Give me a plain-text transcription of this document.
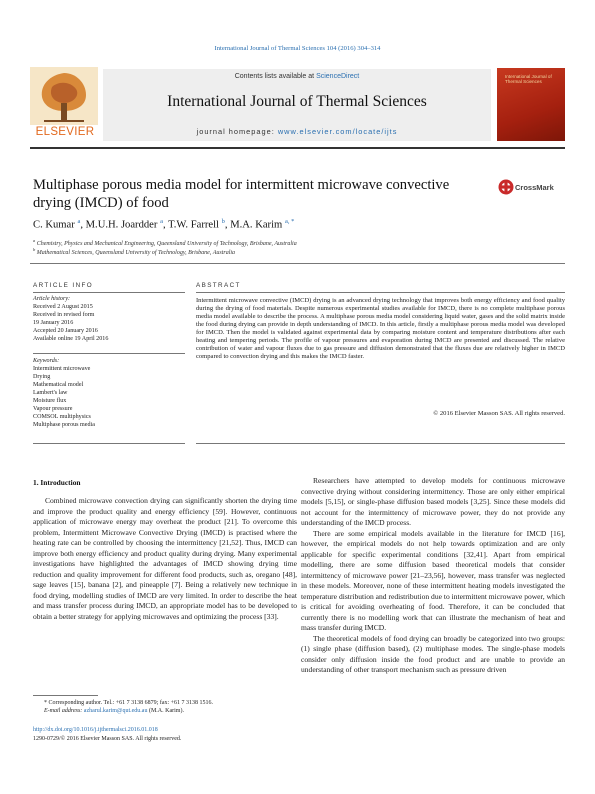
International Journal of Thermal Sciences 104 (2016) 304–314
ELSEVIER
Contents lists available at ScienceDirect
International Journal of Thermal Sciences
journal homepage: www.elsevier.com/locate/ijts
International Journal of Thermal Sciences
Multiphase porous media model for intermittent microwave convective drying (IMCD) of food
CrossMark
C. Kumar $^a$, M.U.H. Joardder $^a$, T.W. Farrell $^b$, M.A. Karim $^{a, *}$
$^a$ Chemistry, Physics and Mechanical Engineering, Queensland University of Technology, Brisbane, Australia
$^b$ Mathematical Sciences, Queensland University of Technology, Brisbane, Australia
ARTICLE INFO	ABSTRACT
Article history:
Received 2 August 2015
Received in revised form
19 January 2016
Accepted 20 January 2016
Available online 19 April 2016
Keywords:
Intermittent microwave
Drying
Mathematical model
Lambert's law
Moisture flux
Vapour pressure
COMSOL multiphysics
Multiphase porous media
Intermittent microwave convective (IMCD) drying is an advanced drying technology that improves both energy efficiency and food quality during the drying of food materials. Despite numerous experimental studies available for IMCD, there is no complete multiphase porous media model available to describe the process. A multiphase porous media model considering liquid water, gases and the solid matrix inside the food during drying can provide in depth understanding of IMCD. In this article, firstly a multiphase porous media model was developed for IMCD. Then the model is validated against experimental data by comparing moisture content and temperature distributions after each heating and tempering periods. The profile of vapour pressures and evaporation during IMCD are presented and discussed. The relative contribution of water and vapour fluxes due to gas pressure and diffusion demonstrated that the fluxes due are relatively higher in IMCD compared to convection drying and this makes the IMCD faster.
© 2016 Elsevier Masson SAS. All rights reserved.
1. Introduction

Combined microwave convection drying can significantly shorten the drying time and improve the product quality and energy efficiency [59]. However, continuous application of microwave energy may overheat the product [21]. To overcome this problem, Intermittent Microwave Convective Drying (IMCD) is practised where the heating rate can be controlled by choosing the intermittency [21,52]. Thus, IMCD can improve both energy efficiency and product quality during drying. Many experimental investigations have highlighted the advantages of IMCD showing drying time reduction and quality improvement for different food products, such as, oregano [48], sage leaves [15], banana [2], and pineapple [7]. Being a relatively new technique in food drying, modelling studies of IMCD are very limited. In order to describe the heat and mass transfer process during IMCD, an appropriate model has to be developed to obtain a better strategy for applying microwaves and optimizing the process [33].

Researchers have attempted to develop models for continuous microwave convective drying without considering intermittency. Those are only either empirical models [5,15], or single-phase diffusion based models [3,25]. Since these models did not account for the intermittency of microwave power, they do not provide any understanding of the IMCD process.

There are some empirical models available in the literature for IMCD [16], however, the empirical models do not help towards optimization and are only applicable for specific experimental conditions [32,41]. Apart from empirical modelling, there are some diffusion based theoretical models that consider intermittency of microwave power [21–23,56], however, mass transfer was neglected in these models. Moreover, none of these intermittent heating models investigated the temperature distribution and redistribution due to intermittent microwave power, which is critical for avoiding overheating of food. Therefore, it can be concluded that currently there is no modelling work that can illustrate the mechanism of heat and mass transfer during IMCD.

The theoretical models of food drying can broadly be categorized into two groups: (1) single phase (diffusion based), (2) multiphase modes. The single-phase models consider only diffusion inside the food product and are unable to provide an understanding of other transport mechanism such as pressure driven

* Corresponding author. Tel.: +61 7 3138 6879; fax: +61 7 3138 1516.
E-mail address: azharul.karim@qut.edu.au (M.A. Karim).
http://dx.doi.org/10.1016/j.ijthermalsci.2016.01.018
1290-0729/© 2016 Elsevier Masson SAS. All rights reserved.
